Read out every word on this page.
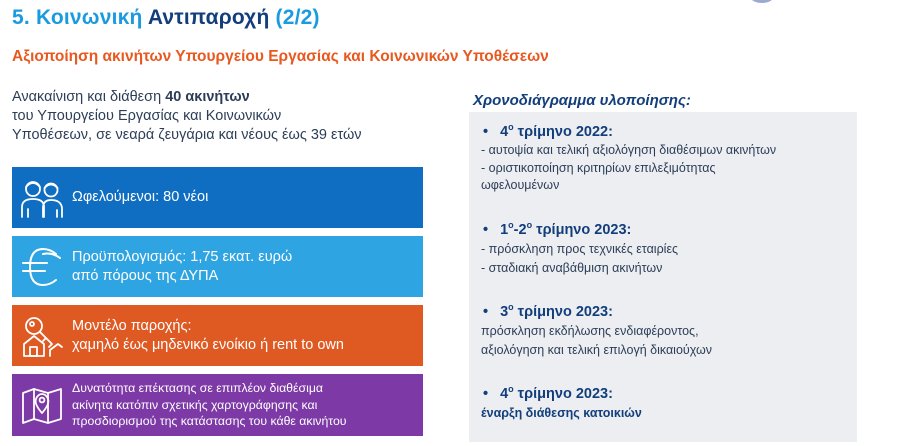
5. Κοινωνική Αντιπαροχή (2/2)
Αξιοποίηση ακινήτων Υπουργείου Εργασίας και Κοινωνικών Υποθέσεων
Ανακαίνιση και διάθεση 40 ακινήτων
του Υπουργείου Εργασίας και Κοινωνικών
Υποθέσεων, σε νεαρά ζευγάρια και νέους έως 39 ετών
Ωφελούμενοι: 80 νέοι
Προϋπολογισμός: 1,75 εκατ. ευρώ
από πόρους της ΔΥΠΑ
Μοντέλο παροχής:
χαμηλό έως μηδενικό ενοίκιο ή rent to own
Δυνατότητα επέκτασης σε επιπλέον διαθέσιμα
ακίνητα κατόπιν σχετικής χαρτογράφησης και
προσδιορισμού της κατάστασης του κάθε ακινήτου
Χρονοδιάγραμμα υλοποίησης:
• $4^o$ τρίμηνο 2022:
- αυτοψία και τελική αξιολόγηση διαθέσιμων ακινήτων
- οριστικοποίηση κριτηρίων επιλεξιμότητας
ωφελουμένων
• $1^o-2^o$ τρίμηνο 2023:
- πρόσκληση προς τεχνικές εταιρίες
- σταδιακή αναβάθμιση ακινήτων
• $3^o$ τρίμηνο 2023:
πρόσκληση εκδήλωσης ενδιαφέροντος,
αξιολόγηση και τελική επιλογή δικαιούχων
• $4^o$ τρίμηνο 2023:
έναρξη διάθεσης κατοικιών
